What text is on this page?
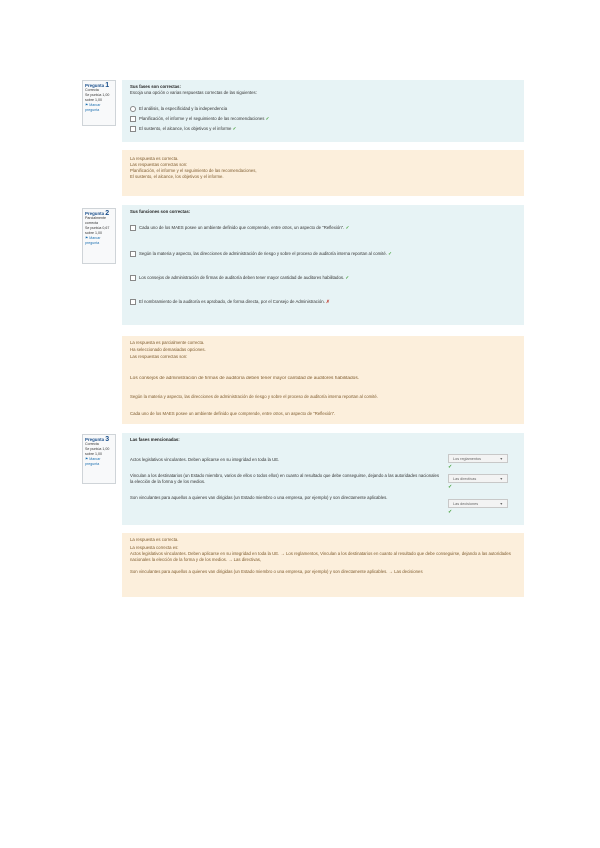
Pregunta 1
Correcta
Se puntúa 1,00 sobre 1,00
⚑ Marcar pregunta
Sus fases son correctas:
Escoja una opción o varias respuestas correctas de las siguientes:
El análisis, la especificidad y la independencia
Planificación, el informe y el seguimiento de las recomendaciones ✓
El sustento, el alcance, los objetivos y el informe ✓
La respuesta es correcta.
Las respuestas correctas son:
Planificación, el informe y el seguimiento de las recomendaciones,
El sustento, el alcance, los objetivos y el informe.
Pregunta 2
Parcialmente correcta
Se puntúa 0,67 sobre 1,00
⚑ Marcar pregunta
Sus funciones son correctas:
Cada uno de los MAES posee un ambiente definido que comprende, entre otros, un aspecto de "Reflexión". ✓
Según la materia y aspecto, las direcciones de administración de riesgo y sobre el proceso de auditoría interna reportan al comité. ✓
Los consejos de administración de firmas de auditoría deben tener mayor cantidad de auditores habilitados. ✓
El nombramiento de la auditoría es aprobado, de forma directa, por el Consejo de Administración. ✗
La respuesta es parcialmente correcta.
Ha seleccionado demasiadas opciones.
Las respuestas correctas son:
Los consejos de administración de firmas de auditoría deben tener mayor cantidad de auditores habilitados.
Según la materia y aspecto, las direcciones de administración de riesgo y sobre el proceso de auditoría interna reportan al comité.
Cada uno de los MAES posee un ambiente definido que comprende, entre otros, un aspecto de "Reflexión".
Pregunta 3
Correcta
Se puntúa 1,00 sobre 1,00
⚑ Marcar pregunta
Las fases mencionadas:
Actos legislativos vinculantes. Deben aplicarse en su integridad en toda la UE.	Los reglamentos	▼
✓
Vinculan a los destinatarios (un Estado miembro, varios de ellos o todos ellos) en cuanto al resultado que debe conseguirse, dejando a las autoridades nacionales la elección de la forma y de los medios.	Las directivas	▼
✓
Son vinculantes para aquellos a quienes van dirigidas (un Estado miembro o una empresa, por ejemplo) y son directamente aplicables.
Las decisiones	▼
✓
La respuesta es correcta.
La respuesta correcta es:
Actos legislativos vinculantes. Deben aplicarse en su integridad en toda la UE. → Los reglamentos, Vinculan a los destinatarios en cuanto al resultado que debe conseguirse, dejando a las autoridades nacionales la elección de la forma y de los medios. → Las directivas,
Son vinculantes para aquellos a quienes van dirigidas (un Estado miembro o una empresa, por ejemplo) y son directamente aplicables. → Las decisiones
